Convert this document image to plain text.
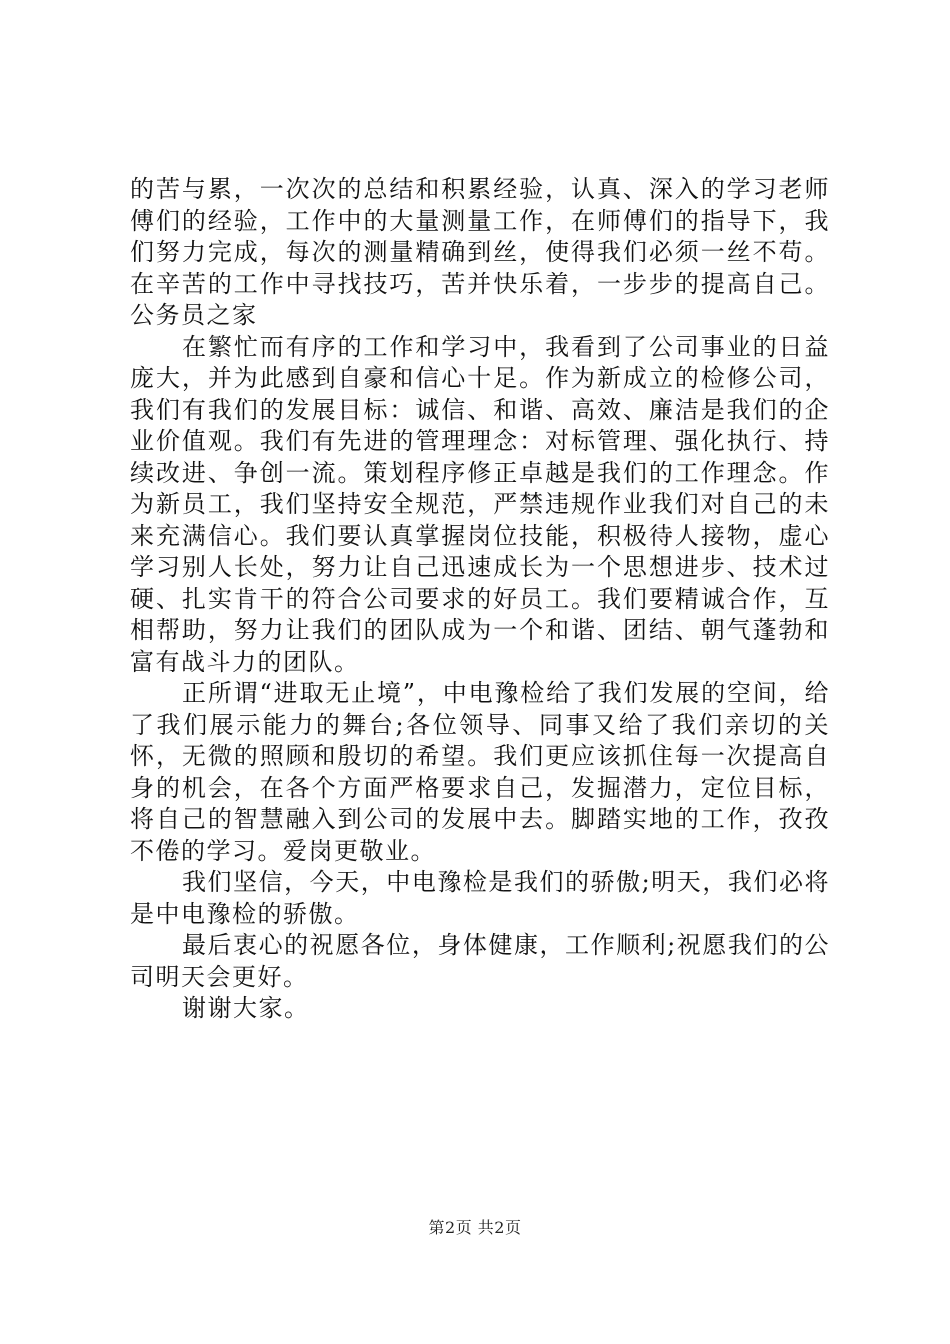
的苦与累，一次次的总结和积累经验，认真、深入的学习老师傅们的经验，工作中的大量测量工作，在师傅们的指导下，我们努力完成，每次的测量精确到丝，使得我们必须一丝不苟。在辛苦的工作中寻找技巧，苦并快乐着，一步步的提高自己。公务员之家

在繁忙而有序的工作和学习中，我看到了公司事业的日益庞大，并为此感到自豪和信心十足。作为新成立的检修公司，我们有我们的发展目标：诚信、和谐、高效、廉洁是我们的企业价值观。我们有先进的管理理念：对标管理、强化执行、持续改进、争创一流。策划程序修正卓越是我们的工作理念。作为新员工，我们坚持安全规范，严禁违规作业我们对自己的未来充满信心。我们要认真掌握岗位技能，积极待人接物，虚心学习别人长处，努力让自己迅速成长为一个思想进步、技术过硬、扎实肯干的符合公司要求的好员工。我们要精诚合作，互相帮助，努力让我们的团队成为一个和谐、团结、朝气蓬勃和富有战斗力的团队。

正所谓“进取无止境”，中电豫检给了我们发展的空间，给了我们展示能力的舞台;各位领导、同事又给了我们亲切的关怀，无微的照顾和殷切的希望。我们更应该抓住每一次提高自身的机会，在各个方面严格要求自己，发掘潜力，定位目标，将自己的智慧融入到公司的发展中去。脚踏实地的工作，孜孜不倦的学习。爱岗更敬业。

我们坚信，今天，中电豫检是我们的骄傲;明天，我们必将是中电豫检的骄傲。

最后衷心的祝愿各位，身体健康，工作顺利;祝愿我们的公司明天会更好。

谢谢大家。

第2页 共2页
